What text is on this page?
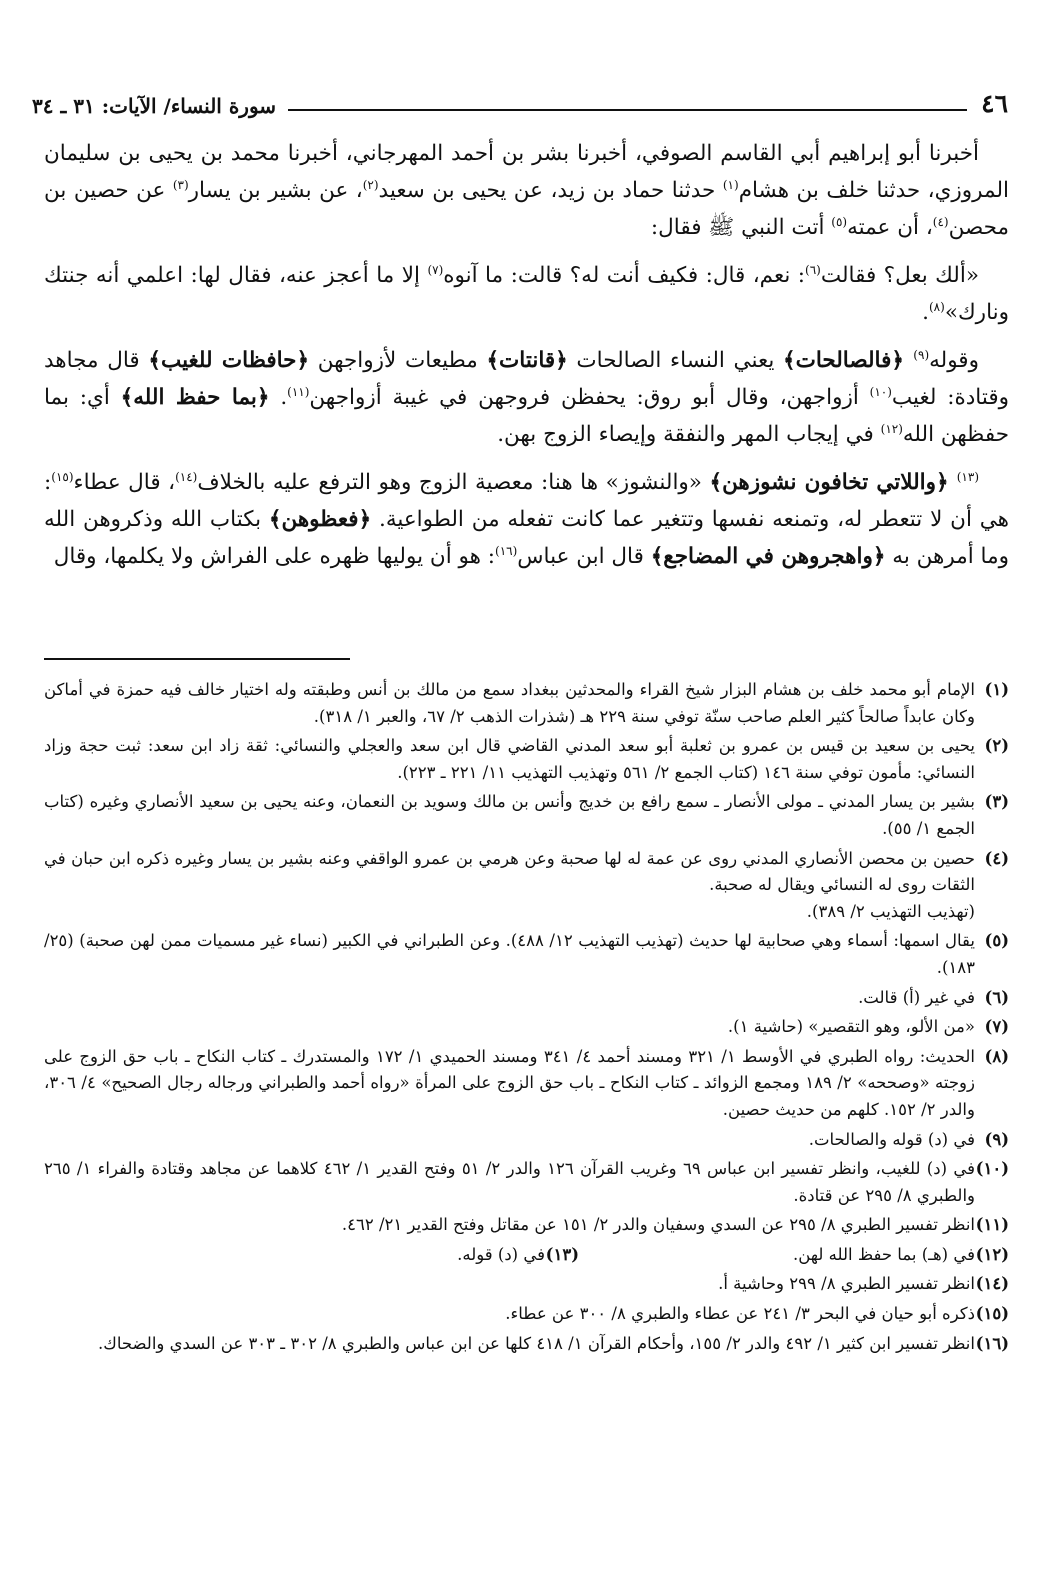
٤٦
سورة النساء/ الآيات: ٣١ ـ ٣٤

أخبرنا أبو إبراهيم أبي القاسم الصوفي، أخبرنا بشر بن أحمد المهرجاني، أخبرنا محمد بن يحيى بن سليمان المروزي، حدثنا خلف بن هشام$^{(١)}$ حدثنا حماد بن زيد، عن يحيى بن سعيد$^{(٢)}$، عن بشير بن يسار$^{(٣)}$ عن حصين بن محصن$^{(٤)}$، أن عمته$^{(٥)}$ أتت النبي ﷺ فقال:

«ألك بعل؟ فقالت$^{(٦)}$: نعم، قال: فكيف أنت له؟ قالت: ما آنوه$^{(٧)}$ إلا ما أعجز عنه، فقال لها: اعلمي أنه جنتك ونارك»$^{(٨)}$.

وقوله$^{(٩)}$ ﴿فالصالحات﴾ يعني النساء الصالحات ﴿قانتات﴾ مطيعات لأزواجهن ﴿حافظات للغيب﴾ قال مجاهد وقتادة: لغيب$^{(١٠)}$ أزواجهن، وقال أبو روق: يحفظن فروجهن في غيبة أزواجهن$^{(١١)}$. ﴿بما حفظ الله﴾ أي: بما حفظهن الله$^{(١٢)}$ في إيجاب المهر والنفقة وإيصاء الزوج بهن.

$^{(١٣)}$ ﴿واللاتي تخافون نشوزهن﴾ «والنشوز» ها هنا: معصية الزوج وهو الترفع عليه بالخلاف$^{(١٤)}$، قال عطاء$^{(١٥)}$: هي أن لا تتعطر له، وتمنعه نفسها وتتغير عما كانت تفعله من الطواعية. ﴿فعظوهن﴾ بكتاب الله وذكروهن الله وما أمرهن به ﴿واهجروهن في المضاجع﴾ قال ابن عباس$^{(١٦)}$: هو أن يوليها ظهره على الفراش ولا يكلمها، وقال

(١)
الإمام أبو محمد خلف بن هشام البزار شيخ القراء والمحدثين ببغداد سمع من مالك بن أنس وطبقته وله اختيار خالف فيه حمزة في أماكن وكان عابداً صالحاً كثير العلم صاحب سنّة توفي سنة ٢٢٩ هـ (شذرات الذهب ٢/ ٦٧، والعبر ١/ ٣١٨).
(٢)
يحيى بن سعيد بن قيس بن عمرو بن ثعلبة أبو سعد المدني القاضي قال ابن سعد والعجلي والنسائي: ثقة زاد ابن سعد: ثبت حجة وزاد النسائي: مأمون توفي سنة ١٤٦ (كتاب الجمع ٢/ ٥٦١ وتهذيب التهذيب ١١/ ٢٢١ ـ ٢٢٣).
(٣)
بشير بن يسار المدني ـ مولى الأنصار ـ سمع رافع بن خديج وأنس بن مالك وسويد بن النعمان، وعنه يحيى بن سعيد الأنصاري وغيره (كتاب الجمع ١/ ٥٥).
(٤)
حصين بن محصن الأنصاري المدني روى عن عمة له لها صحبة وعن هرمي بن عمرو الواقفي وعنه بشير بن يسار وغيره ذكره ابن حبان في الثقات روى له النسائي ويقال له صحبة.
(تهذيب التهذيب ٢/ ٣٨٩).
(٥)
يقال اسمها: أسماء وهي صحابية لها حديث (تهذيب التهذيب ١٢/ ٤٨٨). وعن الطبراني في الكبير (نساء غير مسميات ممن لهن صحبة) (٢٥/ ١٨٣).
(٦)
في غير (أ) قالت.
(٧)
«من الألو، وهو التقصير» (حاشية ١).
(٨)
الحديث: رواه الطبري في الأوسط ١/ ٣٢١ ومسند أحمد ٤/ ٣٤١ ومسند الحميدي ١/ ١٧٢ والمستدرك ـ كتاب النكاح ـ باب حق الزوج على زوجته «وصححه» ٢/ ١٨٩ ومجمع الزوائد ـ كتاب النكاح ـ باب حق الزوج على المرأة «رواه أحمد والطبراني ورجاله رجال الصحيح» ٤/ ٣٠٦، والدر ٢/ ١٥٢. كلهم من حديث حصين.
(٩)
في (د) قوله والصالحات.
(١٠)
في (د) للغيب، وانظر تفسير ابن عباس ٦٩ وغريب القرآن ١٢٦ والدر ٢/ ٥١ وفتح القدير ١/ ٤٦٢ كلاهما عن مجاهد وقتادة والفراء ١/ ٢٦٥ والطبري ٨/ ٢٩٥ عن قتادة.
(١١)
انظر تفسير الطبري ٨/ ٢٩٥ عن السدي وسفيان والدر ٢/ ١٥١ عن مقاتل وفتح القدير ٢١/ ٤٦٢.
(١٢)
في (هـ) بما حفظ الله لهن.
(١٣)
في (د) قوله.
(١٤)
انظر تفسير الطبري ٨/ ٢٩٩ وحاشية أ.
(١٥)
ذكره أبو حيان في البحر ٣/ ٢٤١ عن عطاء والطبري ٨/ ٣٠٠ عن عطاء.
(١٦)
انظر تفسير ابن كثير ١/ ٤٩٢ والدر ٢/ ١٥٥، وأحكام القرآن ١/ ٤١٨ كلها عن ابن عباس والطبري ٨/ ٣٠٢ ـ ٣٠٣ عن السدي والضحاك.
